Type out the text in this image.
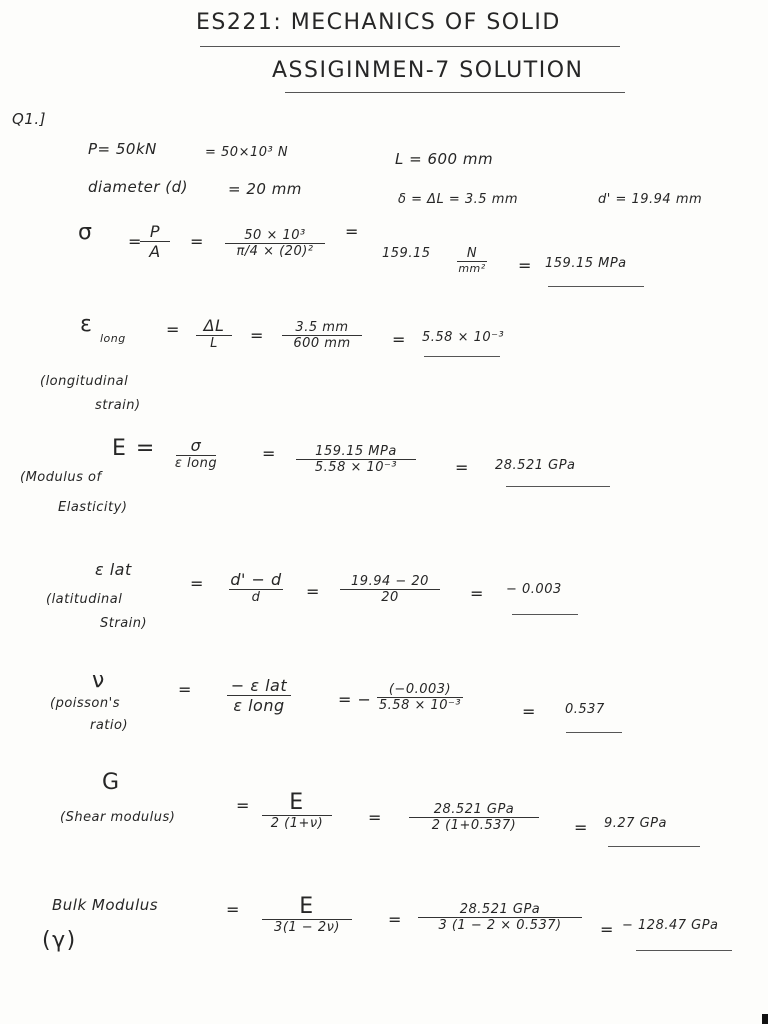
ES221: MECHANICS OF SOLID
ASSIGINMEN-7 SOLUTION
Q1.]
P= 50kN	= 50×10³ N	L = 600 mm
diameter (d)	= 20 mm
δ = ΔL = 3.5 mm	d' = 19.94 mm
σ =
P
A
=	50 × 10³
π/4 × (20)²
=
159.15	N
mm²	= 159.15 MPa
ε
long	=	ΔL
L	=	3.5 mm
600 mm	= 5.58 × 10⁻³
(longitudinal
strain)
E =	σ
ε long
=	159.15 MPa
5.58 × 10⁻³	= 28.521 GPa
(Modulus of
Elasticity)
ε lat
(latitudinal
Strain)
= d' − d
d	=
19.94 − 20
20	= − 0.003
ν
(poisson's
ratio)
=	− ε lat
ε long	= −
(−0.003)
5.58 × 10⁻³	= 0.537
G
(Shear modulus)
=	E
2 (1+ν)	=	28.521 GPa
2 (1+0.537)	= 9.27 GPa
Bulk Modulus
(γ)
=	E
3(1 − 2ν)	=
28.521 GPa
3 (1 − 2 × 0.537)	= − 128.47 GPa
